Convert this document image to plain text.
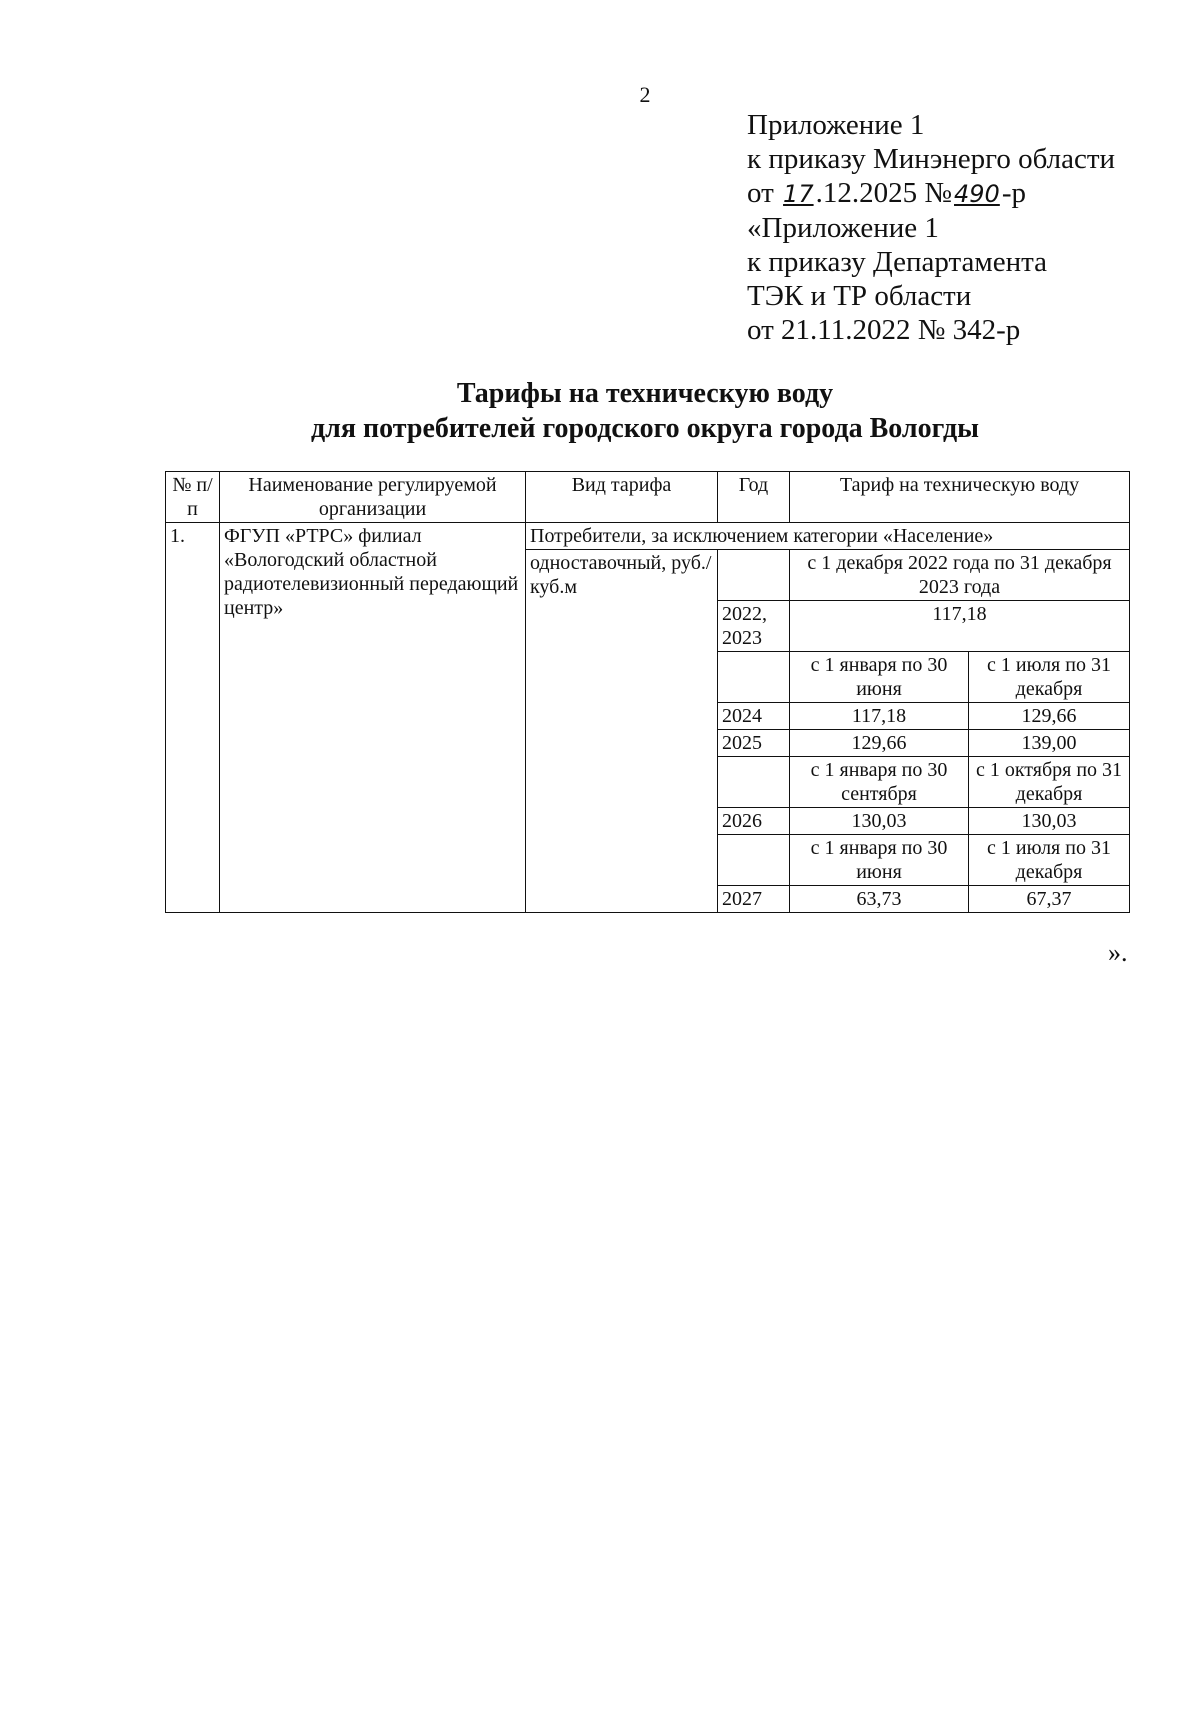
2
Приложение 1
к приказу Минэнерго области
от 17.12.2025 №490-р
«Приложение 1
к приказу Департамента
ТЭК и ТР области
от 21.11.2022 № 342-р
Тарифы на техническую воду
для потребителей городского округа города Вологды
№ п/п	Наименование регулируемой организации	Вид тарифа	Год	Тариф на техническую воду	
1.	ФГУП «РТРС» филиал «Вологодский областной радиотелевизионный передающий центр»	Потребители, за исключением категории «Население»			
		одноставочный, руб./куб.м		с 1 декабря 2022 года по 31 декабря 2023 года	
			2022, 2023	117,18	
				с 1 января по 30 июня	с 1 июля по 31 декабря
			2024	117,18	129,66
			2025	129,66	139,00
				с 1 января по 30 сентября	с 1 октября по 31 декабря
			2026	130,03	130,03
				с 1 января по 30 июня	с 1 июля по 31 декабря
			2027	63,73	67,37
».
